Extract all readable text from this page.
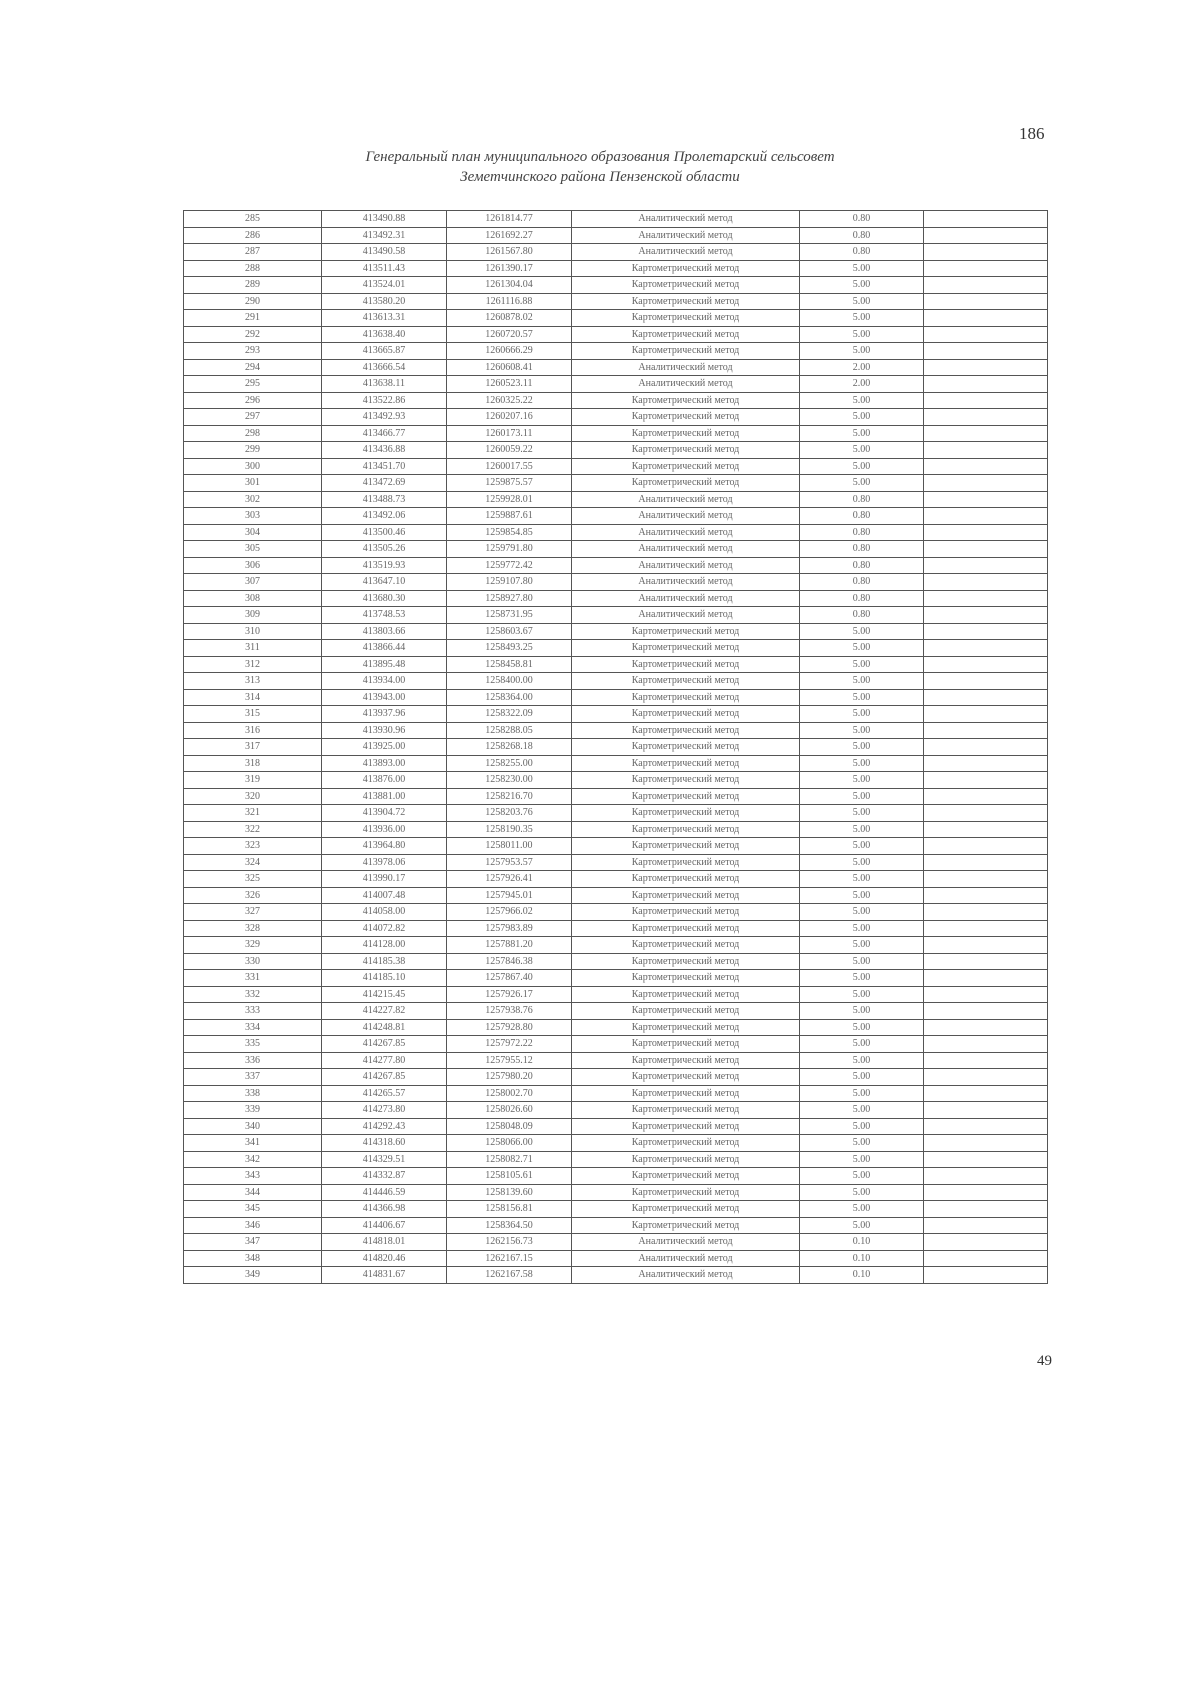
186
Генеральный план муниципального образования Пролетарский сельсовет
Земетчинского района Пензенской области
285	413490.88	1261814.77	Аналитический метод	0.80	
286	413492.31	1261692.27	Аналитический метод	0.80	
287	413490.58	1261567.80	Аналитический метод	0.80	
288	413511.43	1261390.17	Картометрический метод	5.00	
289	413524.01	1261304.04	Картометрический метод	5.00	
290	413580.20	1261116.88	Картометрический метод	5.00	
291	413613.31	1260878.02	Картометрический метод	5.00	
292	413638.40	1260720.57	Картометрический метод	5.00	
293	413665.87	1260666.29	Картометрический метод	5.00	
294	413666.54	1260608.41	Аналитический метод	2.00	
295	413638.11	1260523.11	Аналитический метод	2.00	
296	413522.86	1260325.22	Картометрический метод	5.00	
297	413492.93	1260207.16	Картометрический метод	5.00	
298	413466.77	1260173.11	Картометрический метод	5.00	
299	413436.88	1260059.22	Картометрический метод	5.00	
300	413451.70	1260017.55	Картометрический метод	5.00	
301	413472.69	1259875.57	Картометрический метод	5.00	
302	413488.73	1259928.01	Аналитический метод	0.80	
303	413492.06	1259887.61	Аналитический метод	0.80	
304	413500.46	1259854.85	Аналитический метод	0.80	
305	413505.26	1259791.80	Аналитический метод	0.80	
306	413519.93	1259772.42	Аналитический метод	0.80	
307	413647.10	1259107.80	Аналитический метод	0.80	
308	413680.30	1258927.80	Аналитический метод	0.80	
309	413748.53	1258731.95	Аналитический метод	0.80	
310	413803.66	1258603.67	Картометрический метод	5.00	
311	413866.44	1258493.25	Картометрический метод	5.00	
312	413895.48	1258458.81	Картометрический метод	5.00	
313	413934.00	1258400.00	Картометрический метод	5.00	
314	413943.00	1258364.00	Картометрический метод	5.00	
315	413937.96	1258322.09	Картометрический метод	5.00	
316	413930.96	1258288.05	Картометрический метод	5.00	
317	413925.00	1258268.18	Картометрический метод	5.00	
318	413893.00	1258255.00	Картометрический метод	5.00	
319	413876.00	1258230.00	Картометрический метод	5.00	
320	413881.00	1258216.70	Картометрический метод	5.00	
321	413904.72	1258203.76	Картометрический метод	5.00	
322	413936.00	1258190.35	Картометрический метод	5.00	
323	413964.80	1258011.00	Картометрический метод	5.00	
324	413978.06	1257953.57	Картометрический метод	5.00	
325	413990.17	1257926.41	Картометрический метод	5.00	
326	414007.48	1257945.01	Картометрический метод	5.00	
327	414058.00	1257966.02	Картометрический метод	5.00	
328	414072.82	1257983.89	Картометрический метод	5.00	
329	414128.00	1257881.20	Картометрический метод	5.00	
330	414185.38	1257846.38	Картометрический метод	5.00	
331	414185.10	1257867.40	Картометрический метод	5.00	
332	414215.45	1257926.17	Картометрический метод	5.00	
333	414227.82	1257938.76	Картометрический метод	5.00	
334	414248.81	1257928.80	Картометрический метод	5.00	
335	414267.85	1257972.22	Картометрический метод	5.00	
336	414277.80	1257955.12	Картометрический метод	5.00	
337	414267.85	1257980.20	Картометрический метод	5.00	
338	414265.57	1258002.70	Картометрический метод	5.00	
339	414273.80	1258026.60	Картометрический метод	5.00	
340	414292.43	1258048.09	Картометрический метод	5.00	
341	414318.60	1258066.00	Картометрический метод	5.00	
342	414329.51	1258082.71	Картометрический метод	5.00	
343	414332.87	1258105.61	Картометрический метод	5.00	
344	414446.59	1258139.60	Картометрический метод	5.00	
345	414366.98	1258156.81	Картометрический метод	5.00	
346	414406.67	1258364.50	Картометрический метод	5.00	
347	414818.01	1262156.73	Аналитический метод	0.10	
348	414820.46	1262167.15	Аналитический метод	0.10	
349	414831.67	1262167.58	Аналитический метод	0.10	
49
